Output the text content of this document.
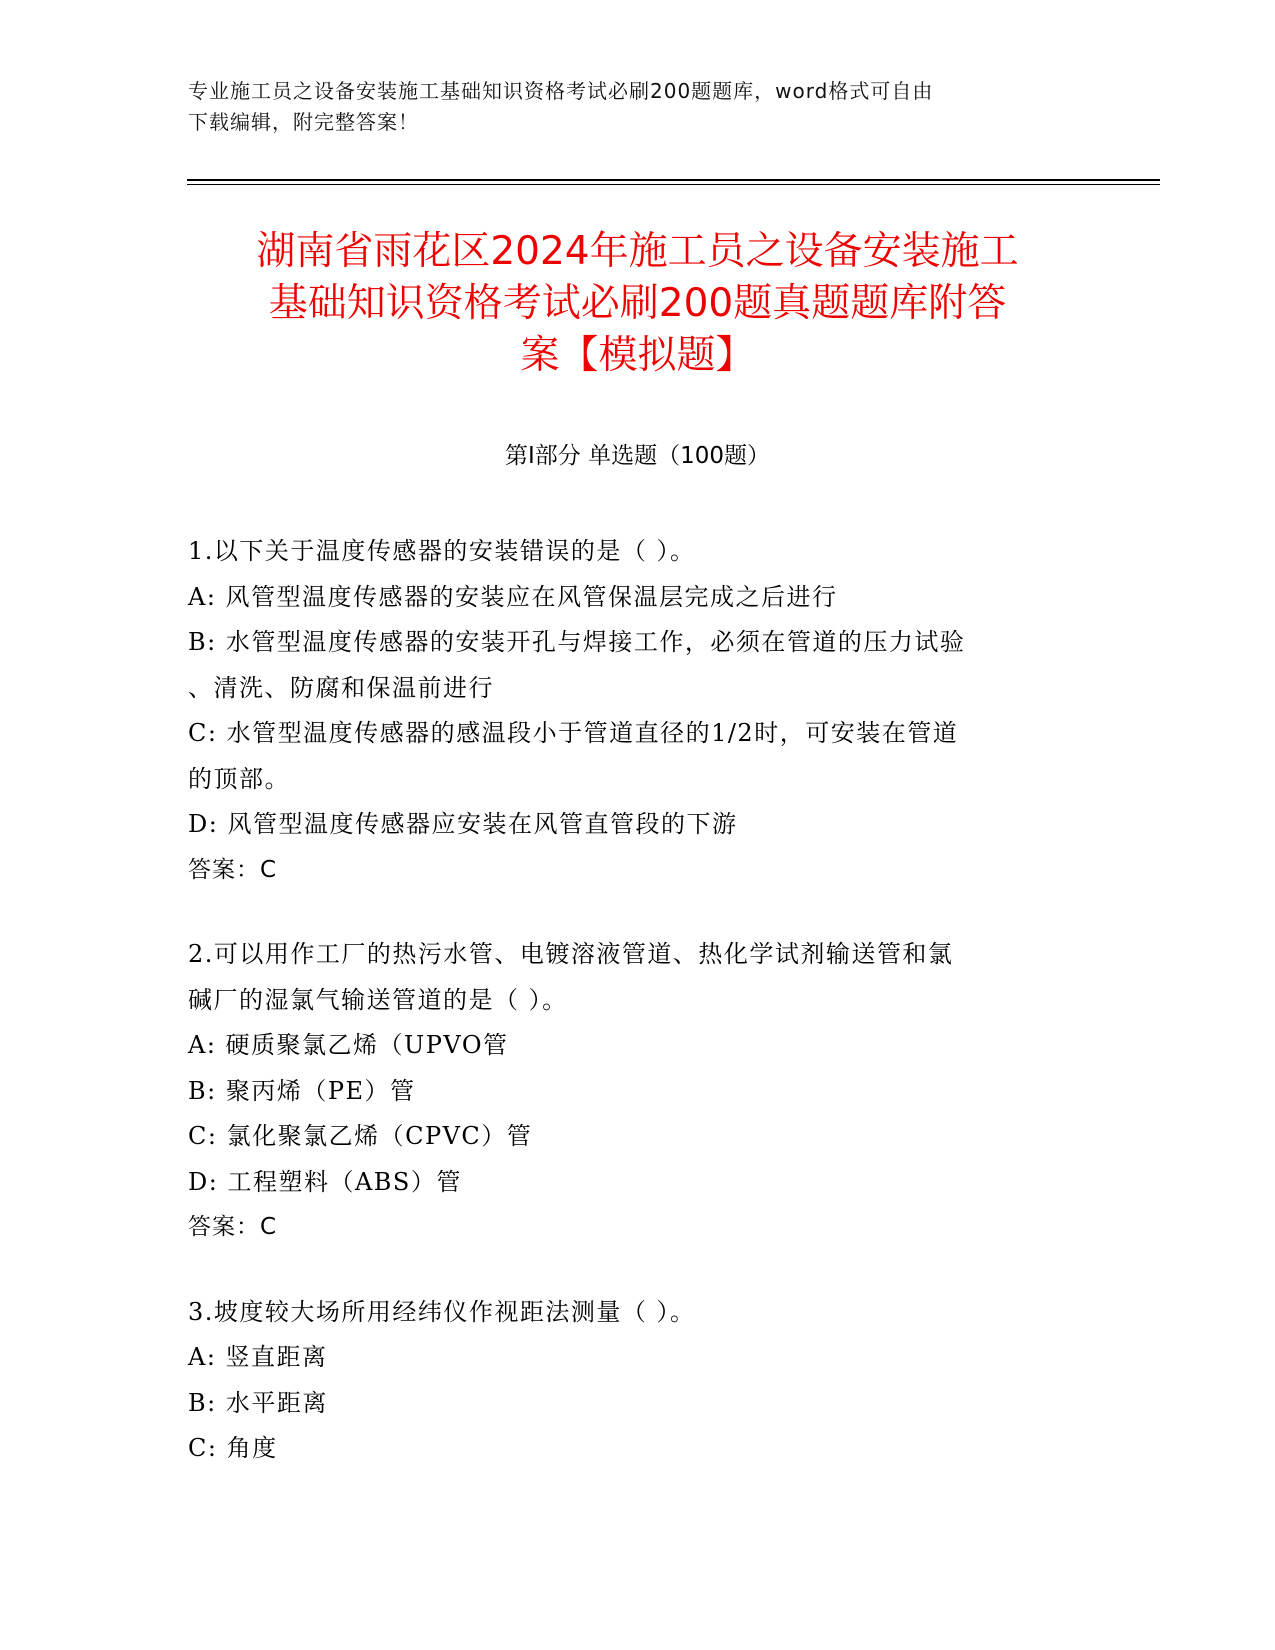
专业施工员之设备安装施工基础知识资格考试必刷200题题库，word格式可自由
下载编辑，附完整答案！
湖南省雨花区2024年施工员之设备安装施工
基础知识资格考试必刷200题真题题库附答
案【模拟题】
第Ⅰ部分 单选题（100题）
1.以下关于温度传感器的安装错误的是（ ）。
A: 风管型温度传感器的安装应在风管保温层完成之后进行
B: 水管型温度传感器的安装开孔与焊接工作，必须在管道的压力试验
、清洗、防腐和保温前进行
C: 水管型温度传感器的感温段小于管道直径的1/2时，可安装在管道
的顶部。
D: 风管型温度传感器应安装在风管直管段的下游
答案：C
2.可以用作工厂的热污水管、电镀溶液管道、热化学试剂输送管和氯
碱厂的湿氯气输送管道的是（ ）。
A: 硬质聚氯乙烯（UPVO管
B: 聚丙烯（PE）管
C: 氯化聚氯乙烯（CPVC）管
D: 工程塑料（ABS）管
答案：C
3.坡度较大场所用经纬仪作视距法测量（ ）。
A: 竖直距离
B: 水平距离
C: 角度
